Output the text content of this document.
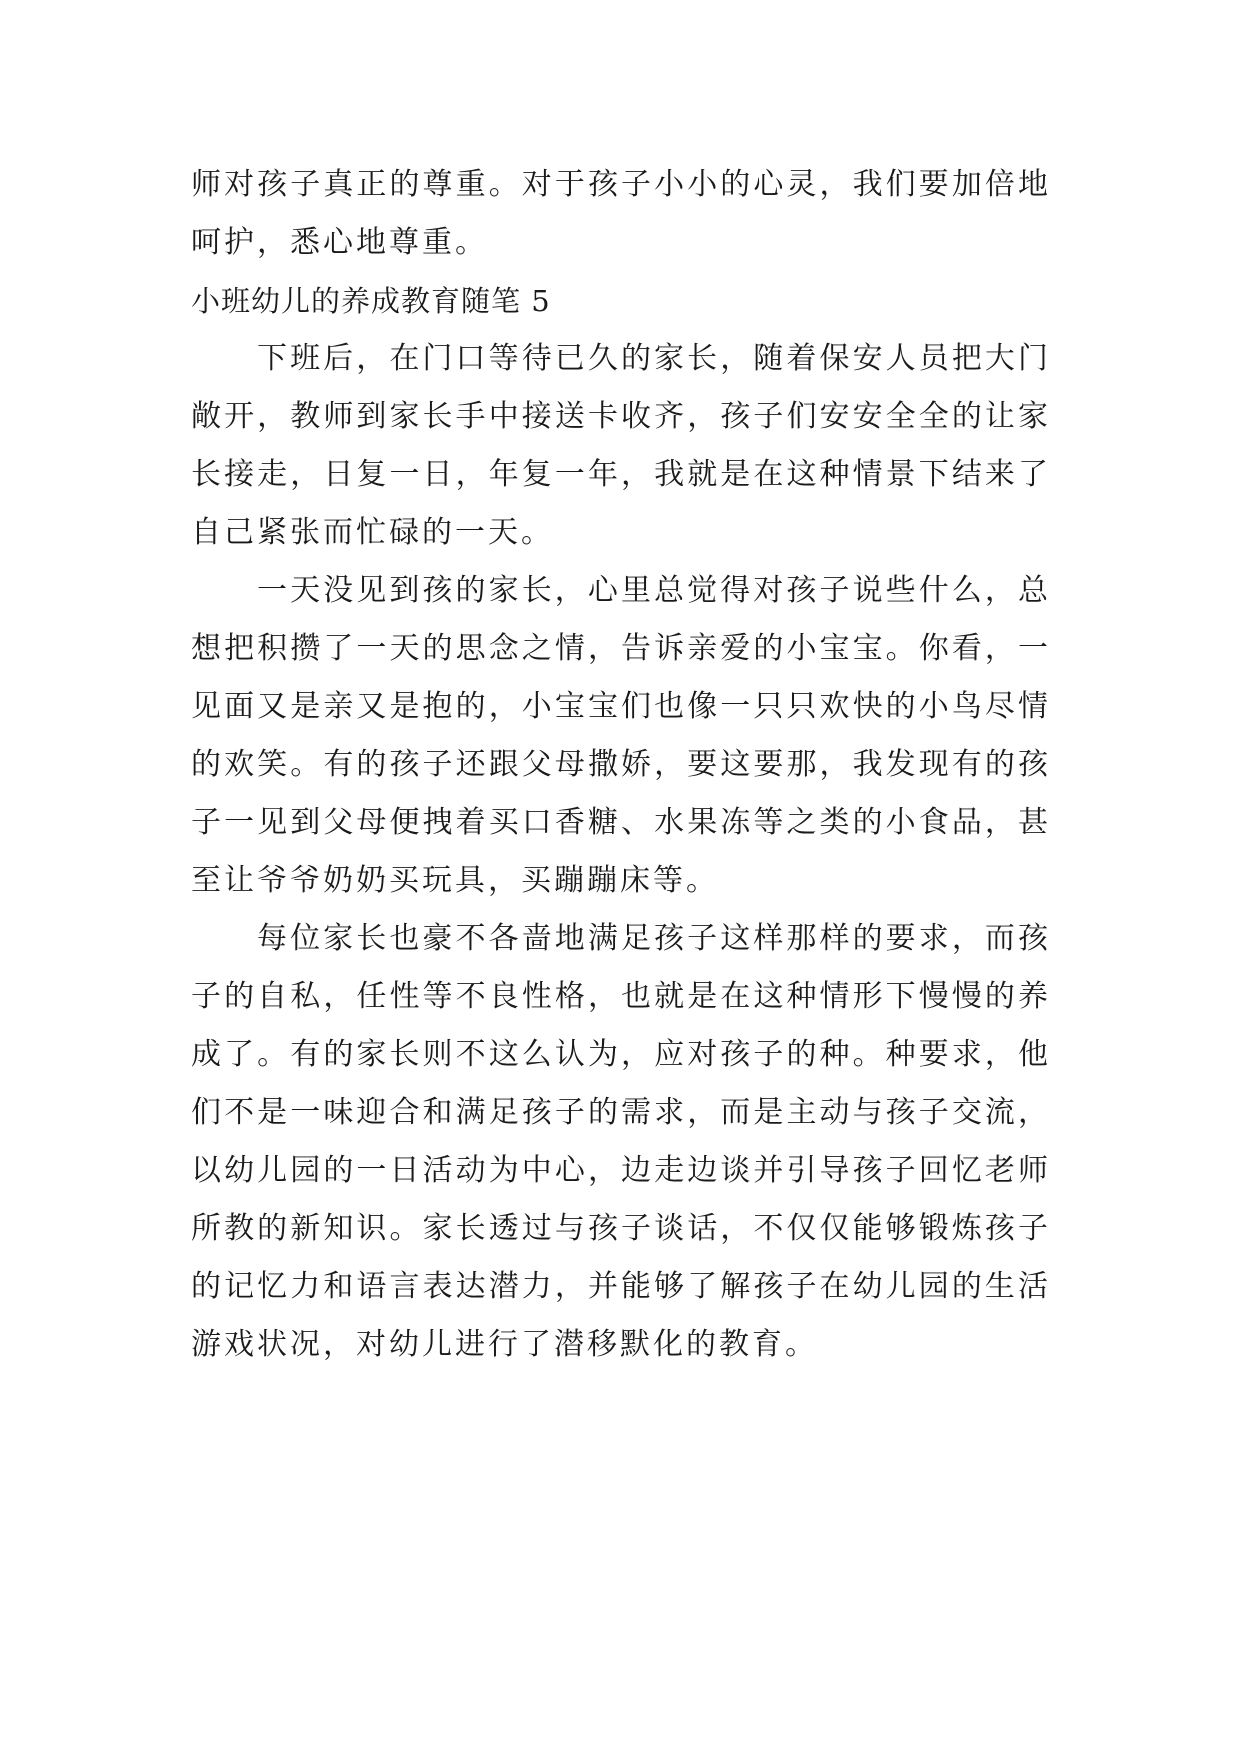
师对孩子真正的尊重。对于孩子小小的心灵，我们要加倍地呵护，悉心地尊重。

小班幼儿的养成教育随笔 5

下班后，在门口等待已久的家长，随着保安人员把大门敞开，教师到家长手中接送卡收齐，孩子们安安全全的让家长接走，日复一日，年复一年，我就是在这种情景下结来了自己紧张而忙碌的一天。

一天没见到孩的家长，心里总觉得对孩子说些什么，总想把积攒了一天的思念之情，告诉亲爱的小宝宝。你看，一见面又是亲又是抱的，小宝宝们也像一只只欢快的小鸟尽情的欢笑。有的孩子还跟父母撒娇，要这要那，我发现有的孩子一见到父母便拽着买口香糖、水果冻等之类的小食品，甚至让爷爷奶奶买玩具，买蹦蹦床等。

每位家长也豪不各啬地满足孩子这样那样的要求，而孩子的自私，任性等不良性格，也就是在这种情形下慢慢的养成了。有的家长则不这么认为，应对孩子的种。种要求，他们不是一味迎合和满足孩子的需求，而是主动与孩子交流，以幼儿园的一日活动为中心，边走边谈并引导孩子回忆老师所教的新知识。家长透过与孩子谈话，不仅仅能够锻炼孩子的记忆力和语言表达潜力，并能够了解孩子在幼儿园的生活游戏状况，对幼儿进行了潜移默化的教育。
